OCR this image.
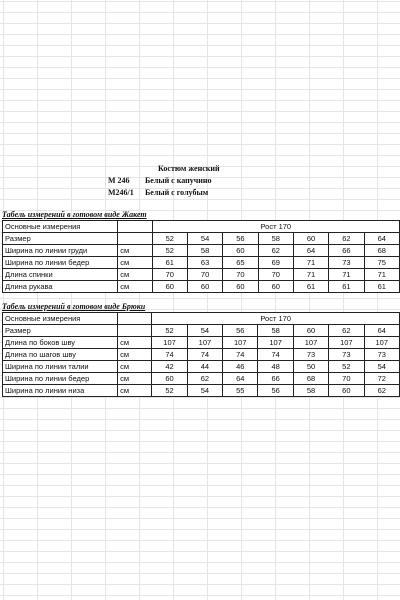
Костюм женский
М 246 Белый с капучино
М246/1 Белый с голубым
Табель измерений в готовом виде Жакет
Основные измерения		Рост 170						
Размер		52	54	56	58	60	62	64
Ширина по линии груди	см	52	58	60	62	64	66	68
Ширина по линии бедер	см	61	63	65	69	71	73	75
Длина спинки	см	70	70	70	70	71	71	71
Длина рукава	см	60	60	60	60	61	61	61
Табель измерений в готовом виде Брюки
Основные измерения		Рост 170						
Размер		52	54	56	58	60	62	64
Длина по боков шву	см	107	107	107	107	107	107	107
Длина по шагов шву	см	74	74	74	74	73	73	73
Ширина по линии талии	см	42	44	46	48	50	52	54
Ширина по линии бедер	см	60	62	64	66	68	70	72
Ширина по линии низа	см	52	54	55	56	58	60	62
